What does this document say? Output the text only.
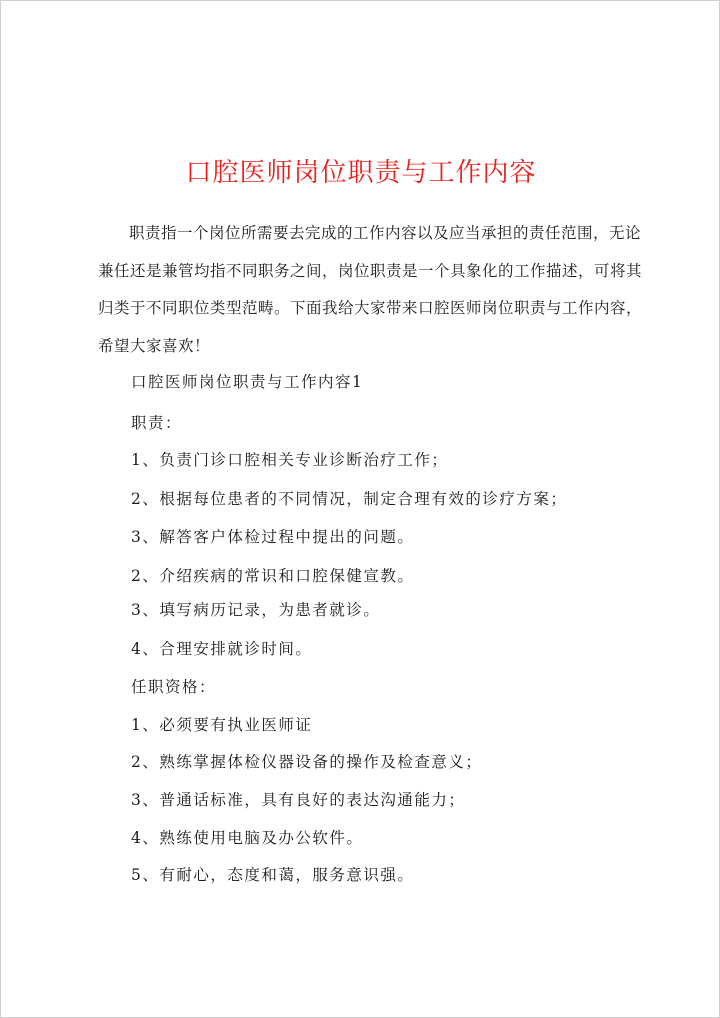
口腔医师岗位职责与工作内容
职责指一个岗位所需要去完成的工作内容以及应当承担的责任范围，无论兼任还是兼管均指不同职务之间，岗位职责是一个具象化的工作描述，可将其归类于不同职位类型范畴。下面我给大家带来口腔医师岗位职责与工作内容，希望大家喜欢！
口腔医师岗位职责与工作内容1
职责：
1、负责门诊口腔相关专业诊断治疗工作；
2、根据每位患者的不同情况，制定合理有效的诊疗方案；
3、解答客户体检过程中提出的问题。
2、介绍疾病的常识和口腔保健宣教。
3、填写病历记录，为患者就诊。
4、合理安排就诊时间。
任职资格：
1、必须要有执业医师证
2、熟练掌握体检仪器设备的操作及检查意义；
3、普通话标准，具有良好的表达沟通能力；
4、熟练使用电脑及办公软件。
5、有耐心，态度和蔼，服务意识强。
